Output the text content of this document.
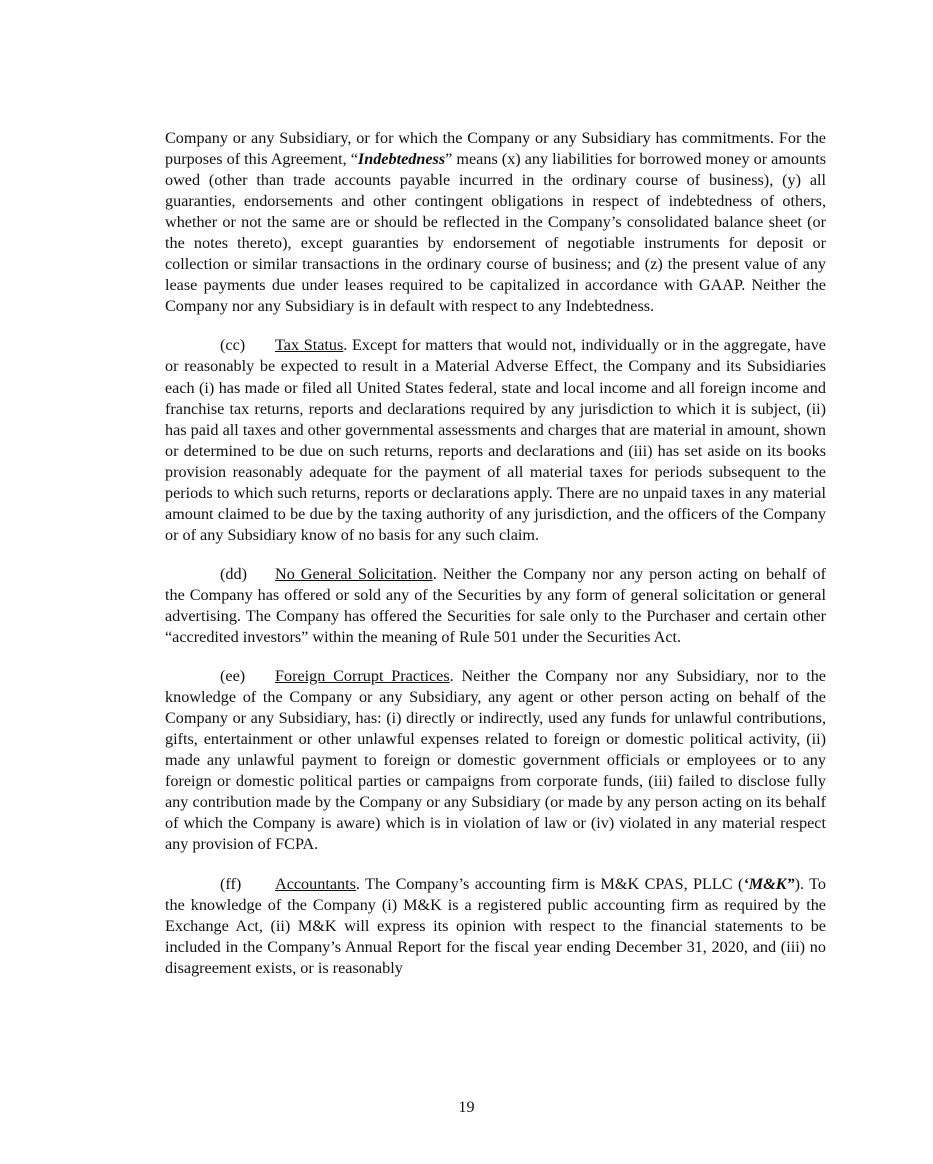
Company or any Subsidiary, or for which the Company or any Subsidiary has commitments. For the purposes of this Agreement, “Indebtedness” means (x) any liabilities for borrowed money or amounts owed (other than trade accounts payable incurred in the ordinary course of business), (y) all guaranties, endorsements and other contingent obligations in respect of indebtedness of others, whether or not the same are or should be reflected in the Company’s consolidated balance sheet (or the notes thereto), except guaranties by endorsement of negotiable instruments for deposit or collection or similar transactions in the ordinary course of business; and (z) the present value of any lease payments due under leases required to be capitalized in accordance with GAAP. Neither the Company nor any Subsidiary is in default with respect to any Indebtedness.

(cc) Tax Status. Except for matters that would not, individually or in the aggregate, have or reasonably be expected to result in a Material Adverse Effect, the Company and its Subsidiaries each (i) has made or filed all United States federal, state and local income and all foreign income and franchise tax returns, reports and declarations required by any jurisdiction to which it is subject, (ii) has paid all taxes and other governmental assessments and charges that are material in amount, shown or determined to be due on such returns, reports and declarations and (iii) has set aside on its books provision reasonably adequate for the payment of all material taxes for periods subsequent to the periods to which such returns, reports or declarations apply. There are no unpaid taxes in any material amount claimed to be due by the taxing authority of any jurisdiction, and the officers of the Company or of any Subsidiary know of no basis for any such claim.

(dd) No General Solicitation. Neither the Company nor any person acting on behalf of the Company has offered or sold any of the Securities by any form of general solicitation or general advertising. The Company has offered the Securities for sale only to the Purchaser and certain other “accredited investors” within the meaning of Rule 501 under the Securities Act.

(ee) Foreign Corrupt Practices. Neither the Company nor any Subsidiary, nor to the knowledge of the Company or any Subsidiary, any agent or other person acting on behalf of the Company or any Subsidiary, has: (i) directly or indirectly, used any funds for unlawful contributions, gifts, entertainment or other unlawful expenses related to foreign or domestic political activity, (ii) made any unlawful payment to foreign or domestic government officials or employees or to any foreign or domestic political parties or campaigns from corporate funds, (iii) failed to disclose fully any contribution made by the Company or any Subsidiary (or made by any person acting on its behalf of which the Company is aware) which is in violation of law or (iv) violated in any material respect any provision of FCPA.

(ff) Accountants. The Company’s accounting firm is M&K CPAS, PLLC (‘M&K”). To the knowledge of the Company (i) M&K is a registered public accounting firm as required by the Exchange Act, (ii) M&K will express its opinion with respect to the financial statements to be included in the Company’s Annual Report for the fiscal year ending December 31, 2020, and (iii) no disagreement exists, or is reasonably

19
